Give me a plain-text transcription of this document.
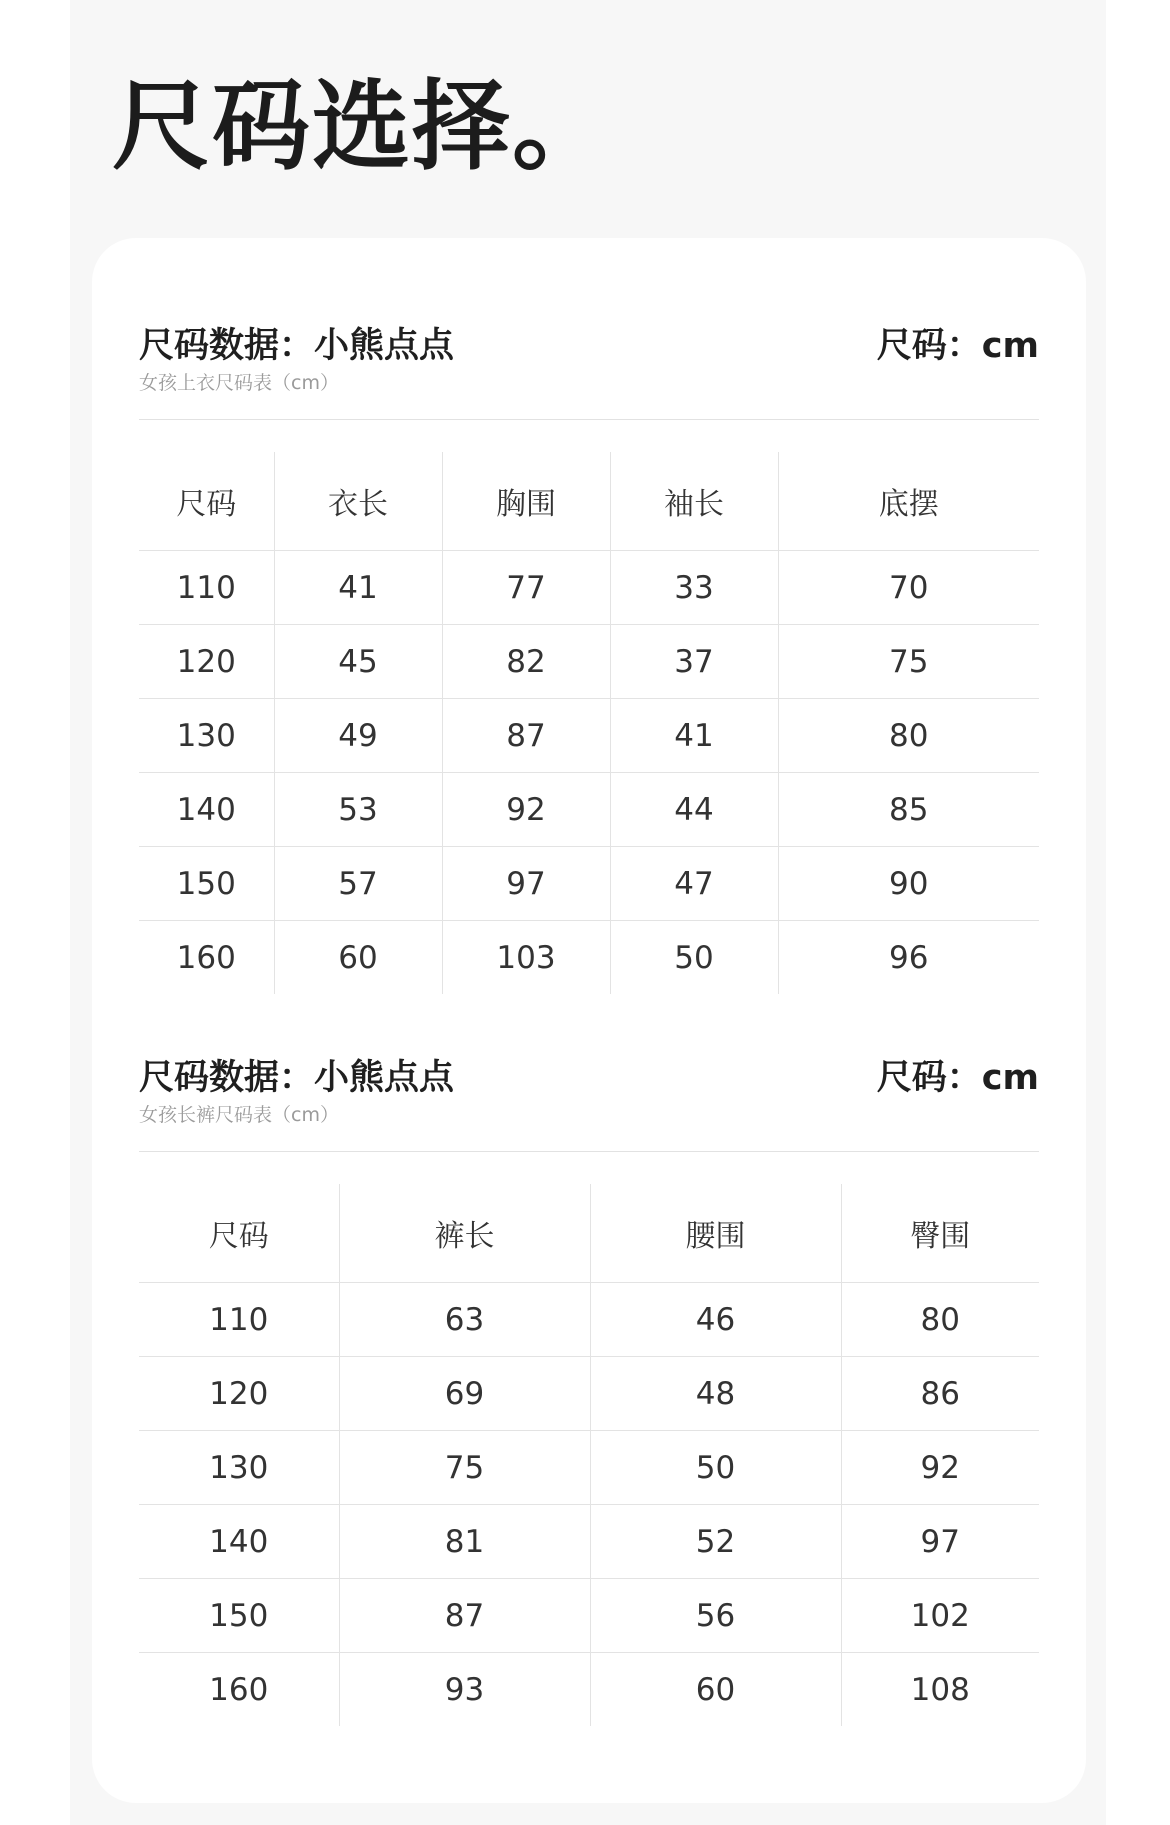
尺码选择。
尺码数据：小熊点点	尺码：cm
女孩上衣尺码表（cm）
尺码	衣长	胸围	袖长	底摆
110	41	77	33	70
120	45	82	37	75
130	49	87	41	80
140	53	92	44	85
150	57	97	47	90
160	60	103	50	96
尺码数据：小熊点点	尺码：cm
女孩长裤尺码表（cm）
尺码	裤长	腰围	臀围
110	63	46	80
120	69	48	86
130	75	50	92
140	81	52	97
150	87	56	102
160	93	60	108
